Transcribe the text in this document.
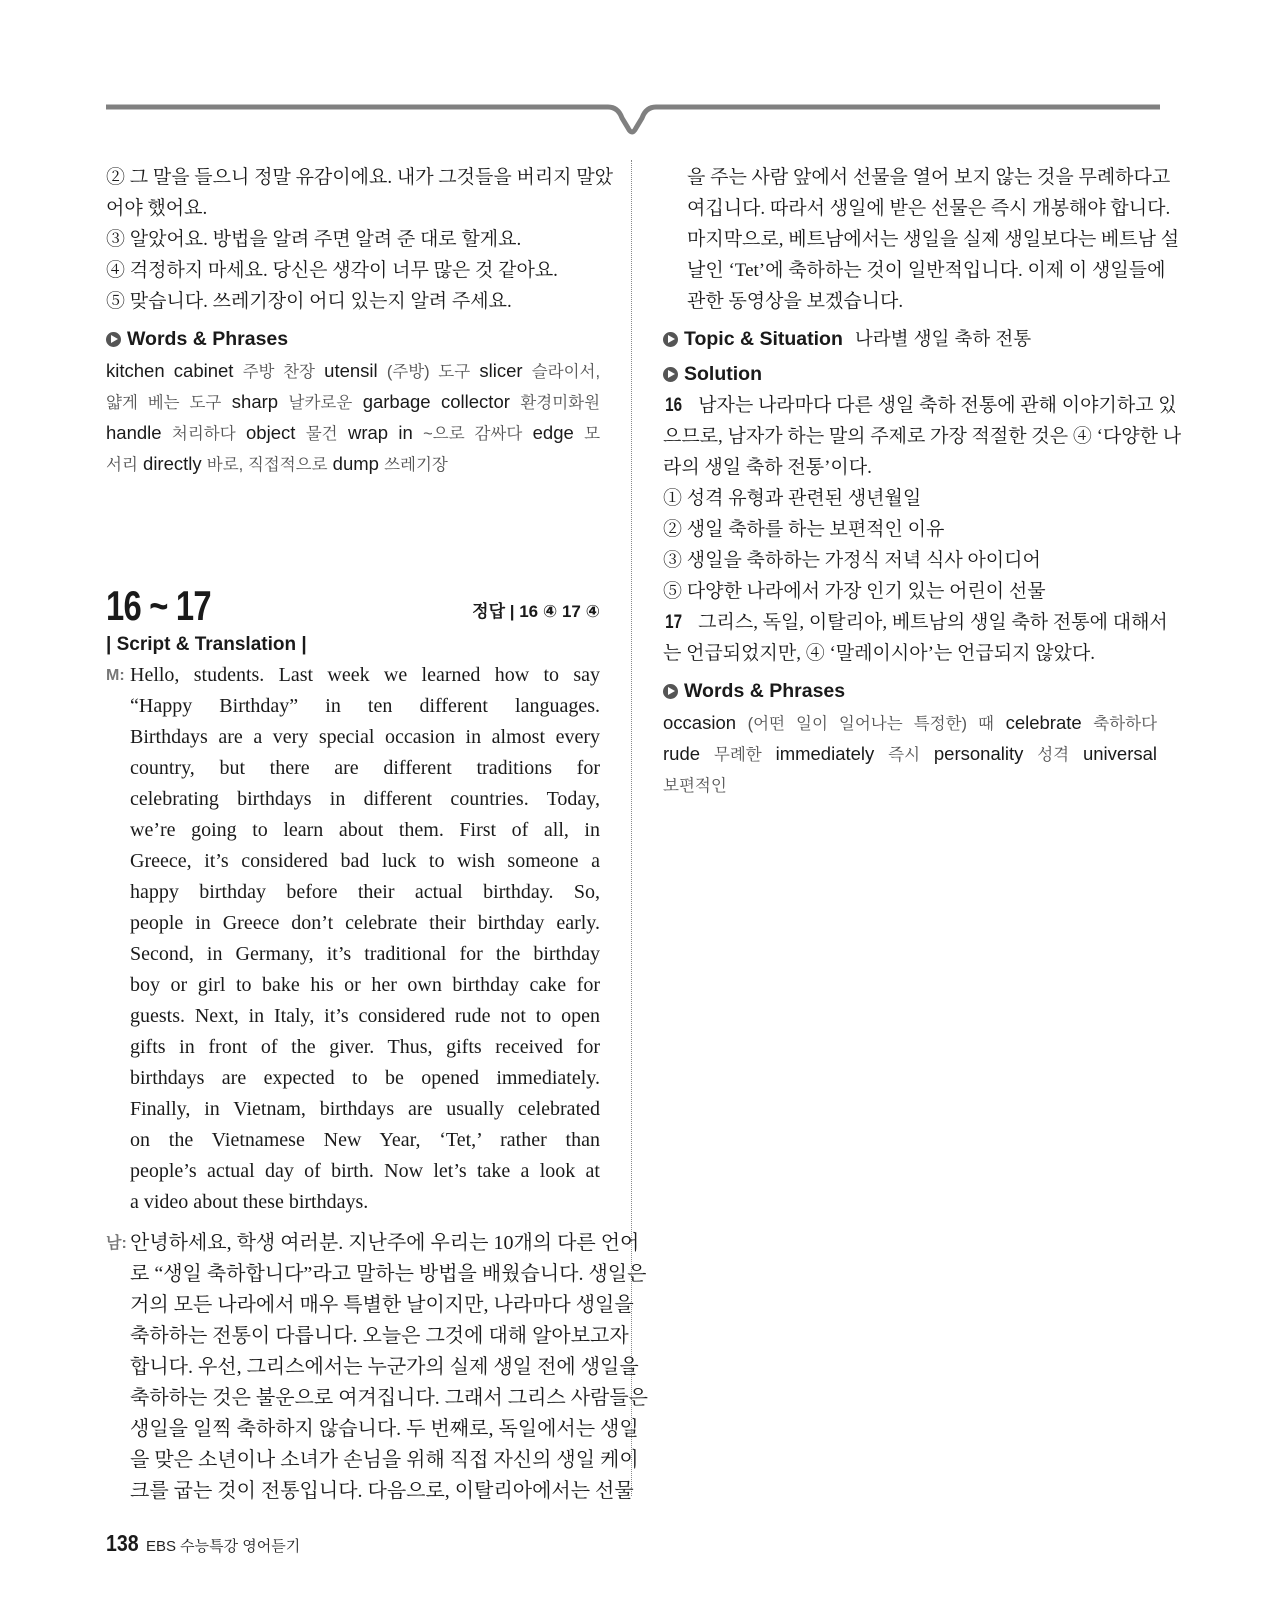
② 그 말을 들으니 정말 유감이에요. 내가 그것들을 버리지 말았
어야 했어요.
③ 알았어요. 방법을 알려 주면 알려 준 대로 할게요.
④ 걱정하지 마세요. 당신은 생각이 너무 많은 것 같아요.
⑤ 맞습니다. 쓰레기장이 어디 있는지 알려 주세요.
Words & Phrases
kitchen cabinet 주방 찬장 utensil (주방) 도구 slicer 슬라이서,
얇게 베는 도구 sharp 날카로운 garbage collector 환경미화원
handle 처리하다 object 물건 wrap in ~으로 감싸다 edge 모
서리 directly 바로, 직접적으로 dump 쓰레기장
16 ~ 17	정답 | 16 ④ 17 ④
| Script & Translation |
M: Hello, students. Last week we learned how to say
“Happy Birthday” in ten different languages.
Birthdays are a very special occasion in almost every
country, but there are different traditions for
celebrating birthdays in different countries. Today,
we’re going to learn about them. First of all, in
Greece, it’s considered bad luck to wish someone a
happy birthday before their actual birthday. So,
people in Greece don’t celebrate their birthday early.
Second, in Germany, it’s traditional for the birthday
boy or girl to bake his or her own birthday cake for
guests. Next, in Italy, it’s considered rude not to open
gifts in front of the giver. Thus, gifts received for
birthdays are expected to be opened immediately.
Finally, in Vietnam, birthdays are usually celebrated
on the Vietnamese New Year, ‘Tet,’ rather than
people’s actual day of birth. Now let’s take a look at
a video about these birthdays.
남: 안녕하세요, 학생 여러분. 지난주에 우리는 10개의 다른 언어
로 “생일 축하합니다”라고 말하는 방법을 배웠습니다. 생일은
거의 모든 나라에서 매우 특별한 날이지만, 나라마다 생일을
축하하는 전통이 다릅니다. 오늘은 그것에 대해 알아보고자
합니다. 우선, 그리스에서는 누군가의 실제 생일 전에 생일을
축하하는 것은 불운으로 여겨집니다. 그래서 그리스 사람들은
생일을 일찍 축하하지 않습니다. 두 번째로, 독일에서는 생일
을 맞은 소년이나 소녀가 손님을 위해 직접 자신의 생일 케이
크를 굽는 것이 전통입니다. 다음으로, 이탈리아에서는 선물
을 주는 사람 앞에서 선물을 열어 보지 않는 것을 무례하다고
여깁니다. 따라서 생일에 받은 선물은 즉시 개봉해야 합니다.
마지막으로, 베트남에서는 생일을 실제 생일보다는 베트남 설
날인 ‘Tet’에 축하하는 것이 일반적입니다. 이제 이 생일들에
관한 동영상을 보겠습니다.
Topic & Situation 나라별 생일 축하 전통
Solution
16 남자는 나라마다 다른 생일 축하 전통에 관해 이야기하고 있
으므로, 남자가 하는 말의 주제로 가장 적절한 것은 ④ ‘다양한 나
라의 생일 축하 전통’이다.
① 성격 유형과 관련된 생년월일
② 생일 축하를 하는 보편적인 이유
③ 생일을 축하하는 가정식 저녁 식사 아이디어
⑤ 다양한 나라에서 가장 인기 있는 어린이 선물
17 그리스, 독일, 이탈리아, 베트남의 생일 축하 전통에 대해서
는 언급되었지만, ④ ‘말레이시아’는 언급되지 않았다.
Words & Phrases
occasion (어떤 일이 일어나는 특정한) 때 celebrate 축하하다
rude 무례한 immediately 즉시 personality 성격 universal
보편적인
138 EBS 수능특강 영어듣기
